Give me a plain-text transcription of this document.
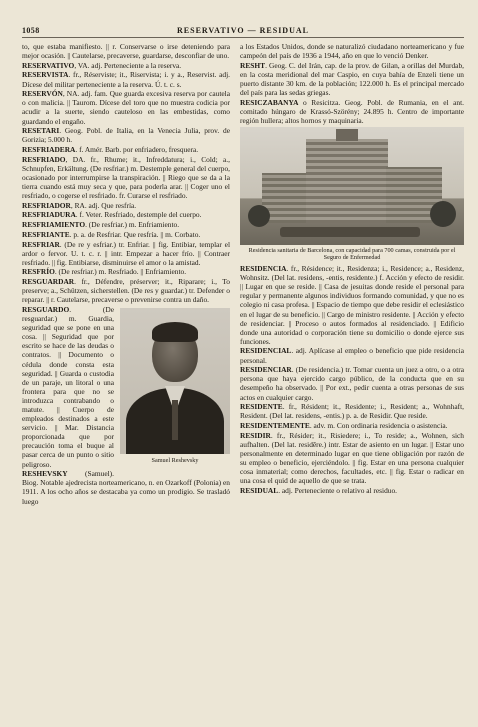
1058	RESERVATIVO — RESIDUAL

to, que estaba manifiesto. || r. Conservarse o irse deteniendo para mejor ocasión. || Cautelarse, precaverse, guardarse, desconfiar de uno.

RESERVATIVO, VA. adj. Perteneciente a la reserva.

RESERVISTA. fr., Réserviste; it., Riservista; i. y a., Reservist. adj. Dícese del militar perteneciente a la reserva. Ú. t. c. s.

RESERVÓN, NA. adj. fam. Que guarda excesiva reserva por cautela o con malicia. || Taurom. Dícese del toro que no muestra codicia por acudir a la suerte, siendo cauteloso en las embestidas, como guardando el engaño.

RESETARI. Geog. Pobl. de Italia, en la Venecia Julia, prov. de Gorizia; 5.000 h.

RESFRIADERA. f. Amér. Barb. por enfriadero, fresquera.

RESFRIADO, DA. fr., Rhume; it., Infreddatura; i., Cold; a., Schnupfen, Erkältung. (De resfriar.) m. Destemple general del cuerpo, ocasionado por interrumpirse la transpiración. || Riego que se da a la tierra cuando está muy seca y que, para poderla arar. || Coger uno el resfriado, o cogerse el resfriado. fr. Curarse el resfriado.

RESFRIADOR, RA. adj. Que resfría.

RESFRIADURA. f. Veter. Resfriado, destemple del cuerpo.

RESFRIAMIENTO. (De resfriar.) m. Enfriamiento.

RESFRIANTE. p. a. de Resfriar. Que resfría. || m. Corbato.

RESFRIAR. (De re y esfriar.) tr. Enfriar. || fig. Entibiar, templar el ardor o fervor. U. t. c. r. || intr. Empezar a hacer frío. || Contraer resfriado. || fig. Entibiarse, disminuirse el amor o la amistad.

RESFRÍO. (De resfriar.) m. Resfriado. || Enfriamiento.

RESGUARDAR. fr., Défendre, préserver; it., Riparare; i., To preserve; a., Schützen, sicherstellen. (De res y guardar.) tr. Defender o reparar. || r. Cautelarse, precaverse o prevenirse contra un daño.

Samuel Reshevsky

RESGUARDO. (De resguardar.) m. Guardia, seguridad que se pone en una cosa. || Seguridad que por escrito se hace de las deudas o contratos. || Documento o cédula donde consta esta seguridad. || Guarda o custodia de un paraje, un litoral o una frontera para que no se introduzca contrabando o matute. || Cuerpo de empleados destinados a este servicio. || Mar. Distancia proporcionada que por precaución toma el buque al pasar cerca de un punto o sitio peligroso.

RESHEVSKY (Samuel). Biog. Notable ajedrecista norteamericano, n. en Ozarkoff (Polonia) en 1911. A los ocho años se destacaba ya como un prodigio. Se trasladó luego

a los Estados Unidos, donde se naturalizó ciudadano norteamericano y fue campeón del país de 1936 a 1944, año en que lo venció Denker.

RESHT. Geog. C. del Irán, cap. de la prov. de Gilan, a orillas del Murdab, en la costa meridional del mar Caspio, en cuya bahía de Enzeli tiene un puerto distante 30 km. de la población; 122.000 h. Es el principal mercado del país para las sedas griegas.

RESICZABANYA o Resicitza. Geog. Pobl. de Rumania, en el ant. comitado húngaro de Krassó-Szörény; 24.895 h. Centro de importante región hullera; altos hornos y maquinaria.

Residencia sanitaria de Barcelona, con capacidad para 700 camas, construida por el Seguro de Enfermedad

RESIDENCIA. fr., Résidence; it., Residenza; i., Residence; a., Residenz, Wohnsitz. (Del lat. residens, -entis, residente.) f. Acción y efecto de residir. || Lugar en que se reside. || Casa de jesuitas donde reside el personal para regular y permanente algunos individuos formando comunidad, y que no es colegio ni casa profesa. || Espacio de tiempo que debe residir el eclesiástico en el lugar de su beneficio. || Cargo de ministro residente. || Acción y efecto de residenciar. || Proceso o autos formados al residenciado. || Edificio donde una autoridad o corporación tiene su domicilio o donde ejerce sus funciones.

RESIDENCIAL. adj. Aplícase al empleo o beneficio que pide residencia personal.

RESIDENCIAR. (De residencia.) tr. Tomar cuenta un juez a otro, o a otra persona que haya ejercido cargo público, de la conducta que en su desempeño ha observado. || Por ext., pedir cuenta a otras personas de sus actos en cualquier cargo.

RESIDENTE. fr., Résident; it., Residente; i., Resident; a., Wohnhaft, Resident. (Del lat. residens, -entis.) p. a. de Residir. Que reside.

RESIDENTEMENTE. adv. m. Con ordinaria residencia o asistencia.

RESIDIR. fr., Résider; it., Risiedere; i., To reside; a., Wohnen, sich aufhalten. (Del lat. residēre.) intr. Estar de asiento en un lugar. || Estar uno personalmente en determinado lugar en que tiene obligación por razón de su empleo o beneficio, ejerciéndolo. || fig. Estar en una persona cualquier cosa inmaterial; como derechos, facultades, etc. || fig. Estar o radicar en una cosa el quid de aquello de que se trata.

RESIDUAL. adj. Perteneciente o relativo al residuo.
